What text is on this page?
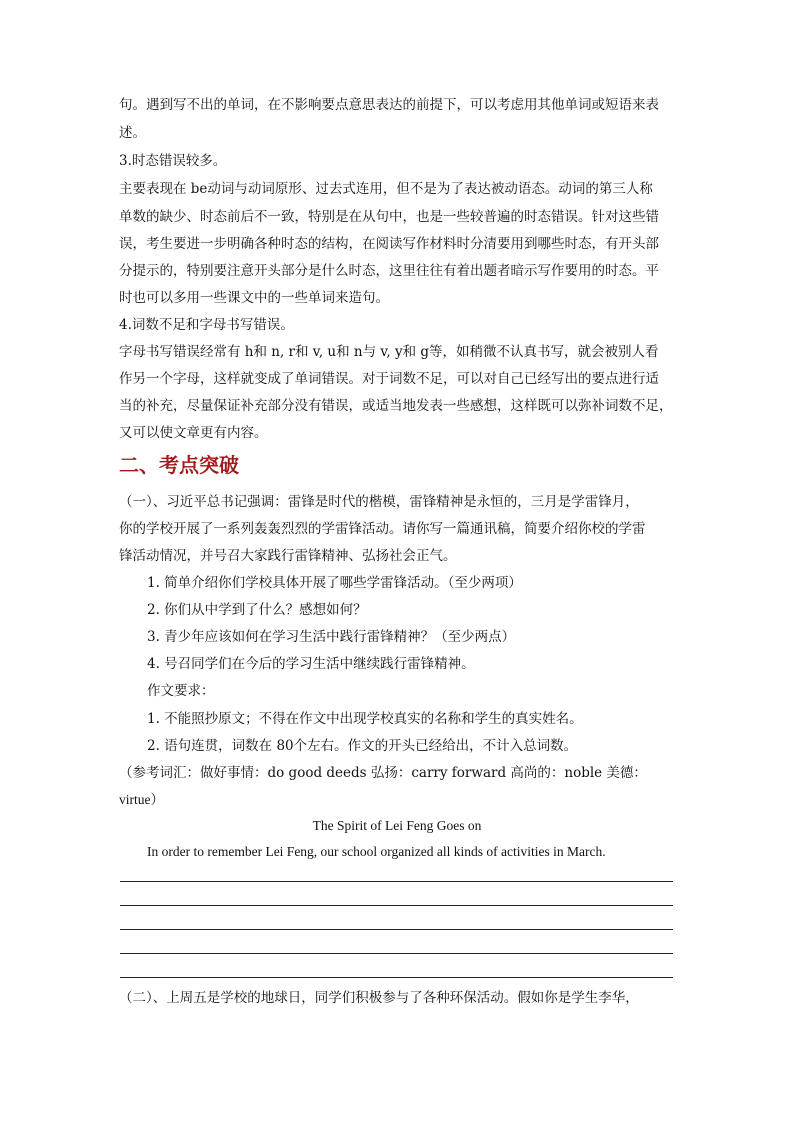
句。遇到写不出的单词，在不影响要点意思表达的前提下，可以考虑用其他单词或短语来表
述。
3.时态错误较多。
主要表现在 be动词与动词原形、过去式连用，但不是为了表达被动语态。动词的第三人称
单数的缺少、时态前后不一致，特别是在从句中，也是一些较普遍的时态错误。针对这些错
误，考生要进一步明确各种时态的结构，在阅读写作材料时分清要用到哪些时态，有开头部
分提示的，特别要注意开头部分是什么时态，这里往往有着出题者暗示写作要用的时态。平
时也可以多用一些课文中的一些单词来造句。
4.词数不足和字母书写错误。
字母书写错误经常有 h和 n, r和 v, u和 n与 v, y和 g等，如稍微不认真书写，就会被别人看
作另一个字母，这样就变成了单词错误。对于词数不足，可以对自己已经写出的要点进行适
当的补充，尽量保证补充部分没有错误，或适当地发表一些感想，这样既可以弥补词数不足，
又可以使文章更有内容。
二、考点突破
（一）、习近平总书记强调：雷锋是时代的楷模，雷锋精神是永恒的，三月是学雷锋月，
你的学校开展了一系列轰轰烈烈的学雷锋活动。请你写一篇通讯稿，简要介绍你校的学雷
锋活动情况，并号召大家践行雷锋精神、弘扬社会正气。
1. 简单介绍你们学校具体开展了哪些学雷锋活动。（至少两项）
2. 你们从中学到了什么？感想如何？
3. 青少年应该如何在学习生活中践行雷锋精神？（至少两点）
4. 号召同学们在今后的学习生活中继续践行雷锋精神。
作文要求：
1. 不能照抄原文；不得在作文中出现学校真实的名称和学生的真实姓名。
2. 语句连贯，词数在 80个左右。作文的开头已经给出，不计入总词数。
（参考词汇：做好事情：do good deeds 弘扬：carry forward 高尚的：noble 美德：
virtue）
The Spirit of Lei Feng Goes on
In order to remember Lei Feng, our school organized all kinds of activities in March.
（二）、上周五是学校的地球日，同学们积极参与了各种环保活动。假如你是学生李华，
